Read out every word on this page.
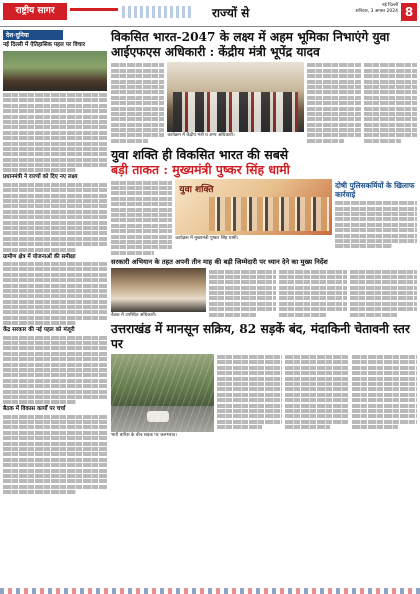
राष्ट्रीय सागर	राज्यों से
नई दिल्ली
शनिवार, 3 अगस्त 2024 8
देश-दुनिया
नई दिल्ली में ऐतिहासिक पहल पर विचार
प्रधानमंत्री ने राज्यों को दिए नए लक्ष्य
ग्रामीण क्षेत्र में योजनाओं की समीक्षा
केंद्र सरकार की नई पहल को मंजूरी
बैठक में विकास कार्यों पर चर्चा
विकसित भारत-2047 के लक्ष्य में अहम भूमिका निभाएंगे युवा आईएफएस अधिकारी : केंद्रीय मंत्री भूपेंद्र यादव
कार्यक्रम में केंद्रीय मंत्री व अन्य अधिकारी।
युवा शक्ति ही विकसित भारत की सबसे
बड़ी ताकत : मुख्यमंत्री पुष्कर सिंह धामी
युवा शक्ति
कार्यक्रम में मुख्यमंत्री पुष्कर सिंह धामी।
दोषी पुलिसकर्मियों के खिलाफ कार्रवाई
सरकारी अभियान के तहत अपनी तीन माह की बड़ी जिम्मेदारी पर ध्यान देने का मुख्य निर्देश
बैठक में उपस्थित अधिकारी।
उत्तराखंड में मानसून सक्रिय, 82 सड़कें बंद, मंदाकिनी चेतावनी स्तर पर
भारी बारिश के बीच सड़क पर जलभराव।
